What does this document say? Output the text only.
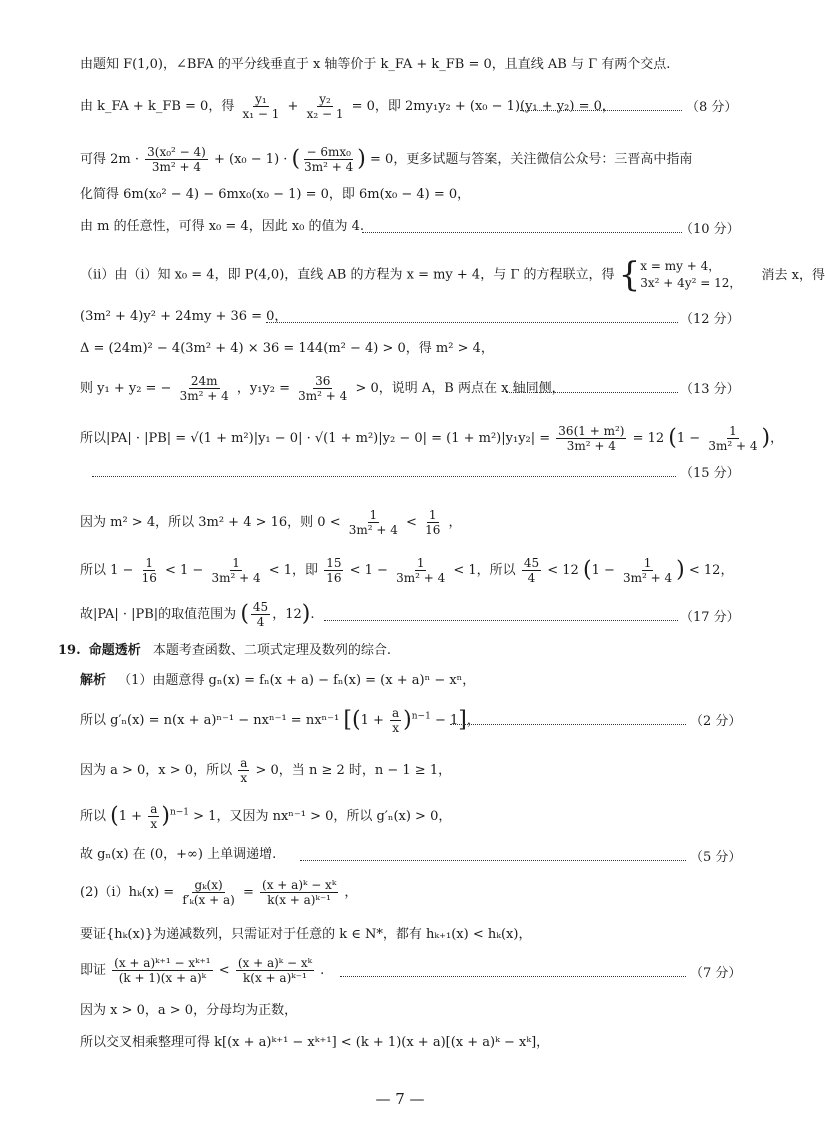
由题知 F(1,0)，∠BFA 的平分线垂直于 x 轴等价于 k_FA + k_FB = 0，且直线 AB 与 Γ 有两个交点.
由 k_FA + k_FB = 0，得 $\frac{\text{y₁}}{\text{x₁ − 1}} + \frac{\text{y₂}}{\text{x₂ − 1}} = 0$，即 2my₁y₂ + (x₀ − 1)(y₁ + y₂) = 0，	（8 分）
可得 $2m \cdot \frac{\text{3(x₀² − 4)}}{\text{3m² + 4}} + (x_0 - 1)$ · ( $\frac{\text{− 6mx₀}}{\text{3m² + 4}}$ ) = 0，更多试题与答案，关注微信公众号：三晋高中指南
化简得 6m(x₀² − 4) − 6mx₀(x₀ − 1) = 0，即 6m(x₀ − 4) = 0，
由 m 的任意性，可得 x₀ = 4，因此 x₀ 的值为 4.	（10 分）
（ⅱ）由（ⅰ）知 x₀ = 4，即 P(4,0)，直线 AB 的方程为 x = my + 4，与 Γ 的方程联立，得 { x = my + 4，
3x² + 4y² = 12，
消去 x，得
(3m² + 4)y² + 24my + 36 = 0，	（12 分）
Δ = (24m)² − 4(3m² + 4) × 36 = 144(m² − 4) > 0，得 m² > 4，
则 y₁ + y₂ = − $\frac{24m}{\text{3m² + 4}}$ ，$y_1y_2 = \frac{36}{\text{3m² + 4}} > 0$，说明 A，B 两点在 x 轴同侧，	（13 分）
所以$|PA| \cdot |PB| = √(1 + m^2)|y_1 - 0| \cdot √(1 + m^2)|y_2 - 0| = (1 + m^2)|y_1y_2| = \frac{\text{36(1 + m²)}}{\text{3m² + 4}} = 12$ ($1 - \frac{1}{\text{3m² + 4}}$ )，
（15 分）
因为 m² > 4，所以 3m² + 4 > 16，则 $0 < \frac{1}{\text{3m² + 4}} < \frac{1}{16}$ ，
所以 $1 - \frac{1}{16} < 1 - \frac{1}{\text{3m² + 4}} < 1$，即 $\frac{15}{16} < 1 - \frac{1}{\text{3m² + 4}} < 1$，所以 $\frac{45}{4} < 12$ ($1 - \frac{1}{\text{3m² + 4}}$ ) < 12，
故|PA| · |PB|的取值范围为 ( $\frac{45}{4}$ ，12).	（17 分）
19. 命题透析 本题考查函数、二项式定理及数列的综合.
解析 （1）由题意得 gₙ(x) = fₙ(x + a) − fₙ(x) = (x + a)ⁿ − xⁿ，
所以 g′ₙ(x) = n(x + a)ⁿ⁻¹ − nxⁿ⁻¹ = nxⁿ⁻¹ $[(1 + \frac{a}{x} )^{n-1} - 1]$，	（2 分）
因为 a > 0，x > 0，所以 $\frac{a}{x} > 0$，当 n ≥ 2 时，n − 1 ≥ 1，
所以 $(1 + \frac{a}{x} )^{n-1} > 1$，又因为 nxⁿ⁻¹ > 0，所以 g′ₙ(x) > 0，
故 gₙ(x) 在 (0，+∞) 上单调递增.	（5 分）
(2)（ⅰ）hₖ(x) = $\frac{\text{gₖ(x)}}{\text{f′ₖ(x + a)}} = \frac{\text{(x + a)ᵏ − xᵏ}}{\text{k(x + a)ᵏ⁻¹}}$ ，
要证{hₖ(x)}为递减数列，只需证对于任意的 k ∈ N*，都有 hₖ₊₁(x) < hₖ(x)，
即证 $\frac{\text{(x + a)ᵏ⁺¹ − xᵏ⁺¹}}{\text{(k + 1)(x + a)ᵏ}} < \frac{\text{(x + a)ᵏ − xᵏ}}{\text{k(x + a)ᵏ⁻¹}}$ .	（7 分）
因为 x > 0，a > 0，分母均为正数，
所以交叉相乘整理可得 k[(x + a)ᵏ⁺¹ − xᵏ⁺¹] < (k + 1)(x + a)[(x + a)ᵏ − xᵏ]，
— 7 —
